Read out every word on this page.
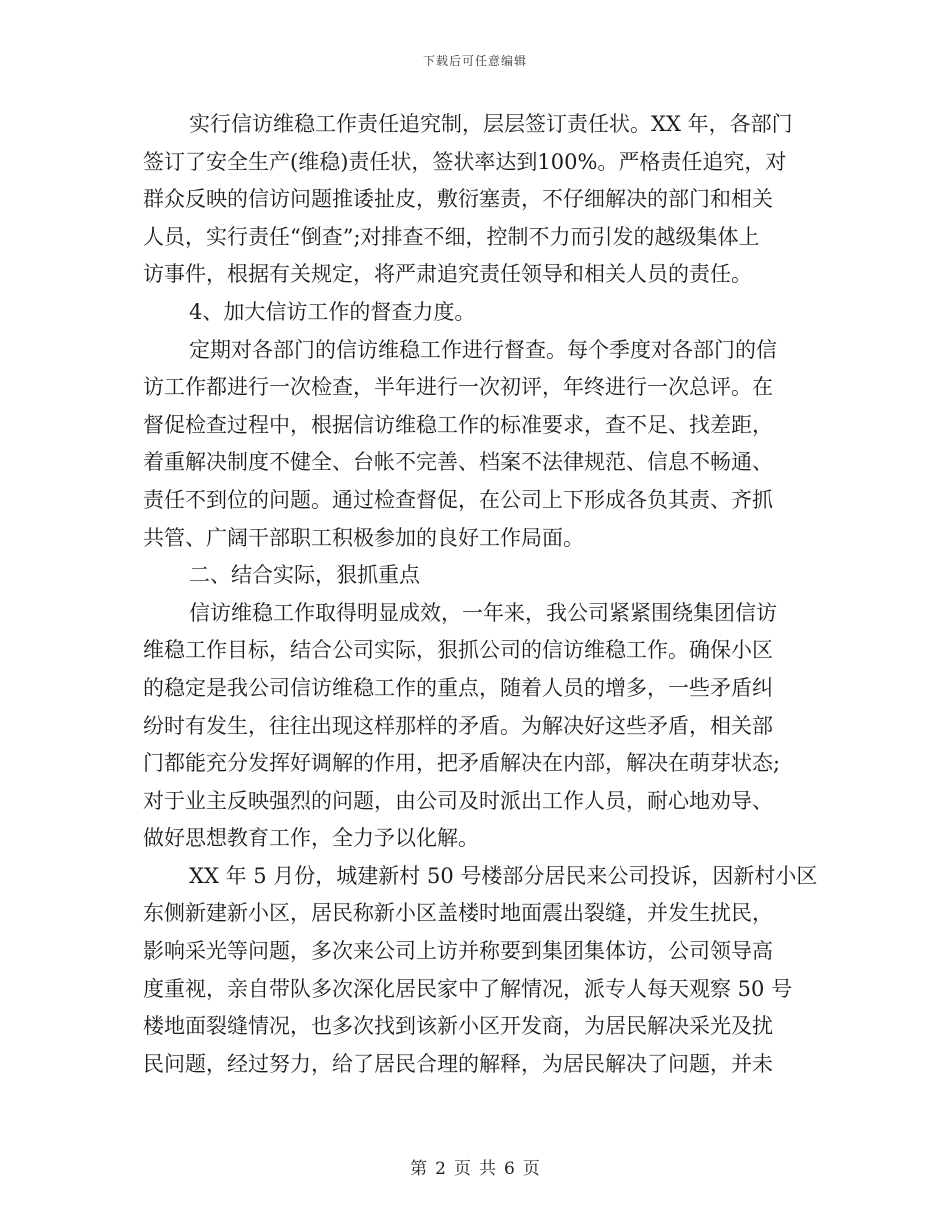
下载后可任意编辑
实行信访维稳工作责任追究制，层层签订责任状。XX 年，各部门
签订了安全生产(维稳)责任状，签状率达到100%。严格责任追究，对
群众反映的信访问题推诿扯皮，敷衍塞责，不仔细解决的部门和相关
人员，实行责任“倒查”;对排查不细，控制不力而引发的越级集体上
访事件，根据有关规定，将严肃追究责任领导和相关人员的责任。
4、加大信访工作的督查力度。
定期对各部门的信访维稳工作进行督查。每个季度对各部门的信
访工作都进行一次检查，半年进行一次初评，年终进行一次总评。在
督促检查过程中，根据信访维稳工作的标准要求，查不足、找差距，
着重解决制度不健全、台帐不完善、档案不法律规范、信息不畅通、
责任不到位的问题。通过检查督促，在公司上下形成各负其责、齐抓
共管、广阔干部职工积极参加的良好工作局面。
二、结合实际，狠抓重点
信访维稳工作取得明显成效，一年来，我公司紧紧围绕集团信访
维稳工作目标，结合公司实际，狠抓公司的信访维稳工作。确保小区
的稳定是我公司信访维稳工作的重点，随着人员的增多，一些矛盾纠
纷时有发生，往往出现这样那样的矛盾。为解决好这些矛盾，相关部
门都能充分发挥好调解的作用，把矛盾解决在内部，解决在萌芽状态;
对于业主反映强烈的问题，由公司及时派出工作人员，耐心地劝导、
做好思想教育工作，全力予以化解。
XX 年 5 月份，城建新村 50 号楼部分居民来公司投诉，因新村小区
东侧新建新小区，居民称新小区盖楼时地面震出裂缝，并发生扰民，
影响采光等问题，多次来公司上访并称要到集团集体访，公司领导高
度重视，亲自带队多次深化居民家中了解情况，派专人每天观察 50 号
楼地面裂缝情况，也多次找到该新小区开发商，为居民解决采光及扰
民问题，经过努力，给了居民合理的解释，为居民解决了问题，并未
第 2 页 共 6 页
